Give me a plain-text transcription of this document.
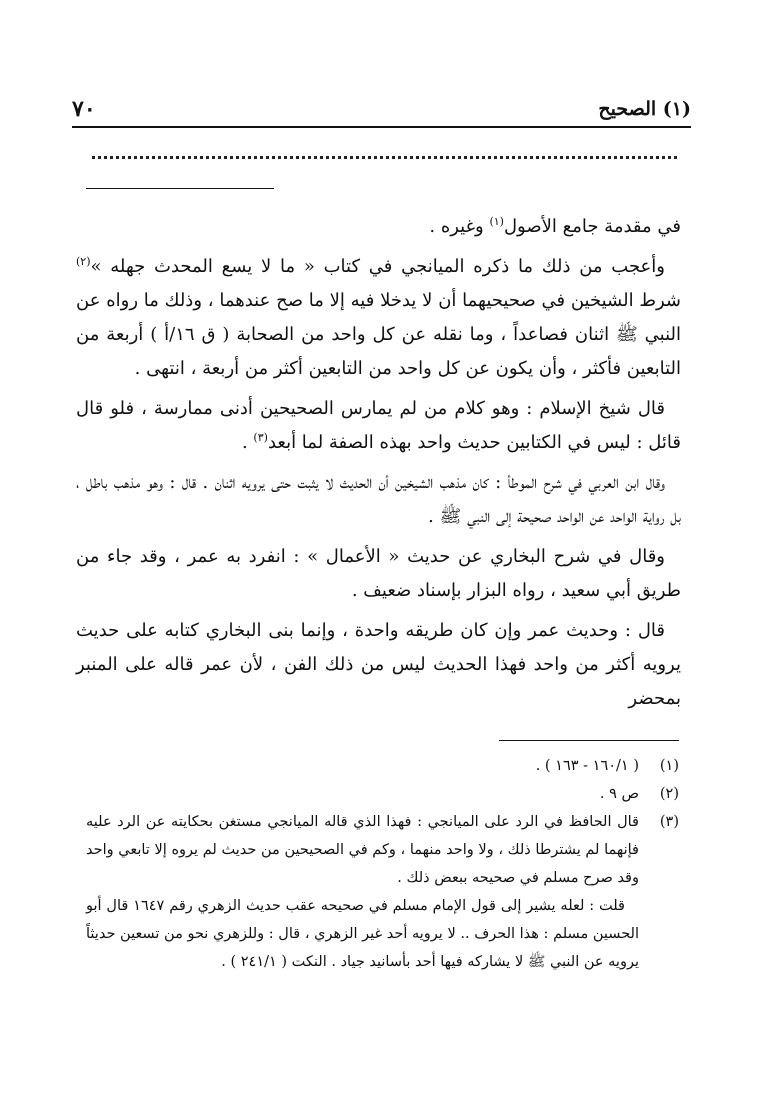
٧٠	(١) الصحيح

في مقدمة جامع الأصول$^{(١)}$ وغيره .

وأعجب من ذلك ما ذكره الميانجي في كتاب « ما لا يسع المحدث جهله »$^{(٢)}$ شرط الشيخين في صحيحيهما أن لا يدخلا فيه إلا ما صح عندهما ، وذلك ما رواه عن النبي ﷺ اثنان فصاعداً ، وما نقله عن كل واحد من الصحابة ( ق ١٦/أ ) أربعة من التابعين فأكثر ، وأن يكون عن كل واحد من التابعين أكثر من أربعة ، انتهى .

قال شيخ الإسلام : وهو كلام من لم يمارس الصحيحين أدنى ممارسة ، فلو قال قائل : ليس في الكتابين حديث واحد بهذه الصفة لما أبعد$^{(٣)}$ .

وقال ابن العربي في شرح الموطأ : كان مذهب الشيخين أن الحديث لا يثبت حتى يرويه اثنان . قال : وهو مذهب باطل ، بل رواية الواحد عن الواحد صحيحة إلى النبي ﷺ .

وقال في شرح البخاري عن حديث « الأعمال » : انفرد به عمر ، وقد جاء من طريق أبي سعيد ، رواه البزار بإسناد ضعيف .

قال : وحديث عمر وإن كان طريقه واحدة ، وإنما بنى البخاري كتابه على حديث يرويه أكثر من واحد فهذا الحديث ليس من ذلك الفن ، لأن عمر قاله على المنبر بمحضر

(١)

( ١٦٠/١ - ١٦٣ ) .

(٢)

ص ٩ .

(٣)

قال الحافظ في الرد على الميانجي : فهذا الذي قاله الميانجي مستغن بحكايته عن الرد عليه فإنهما لم يشترطا ذلك ، ولا واحد منهما ، وكم في الصحيحين من حديث لم يروه إلا تابعي واحد وقد صرح مسلم في صحيحه ببعض ذلك .

قلت : لعله يشير إلى قول الإمام مسلم في صحيحه عقب حديث الزهري رقم ١٦٤٧ قال أبو الحسين مسلم : هذا الحرف .. لا يرويه أحد غير الزهري ، قال : وللزهري نحو من تسعين حديثاً يرويه عن النبي ﷺ لا يشاركه فيها أحد بأسانيد جياد . النكت ( ٢٤١/١ ) .
